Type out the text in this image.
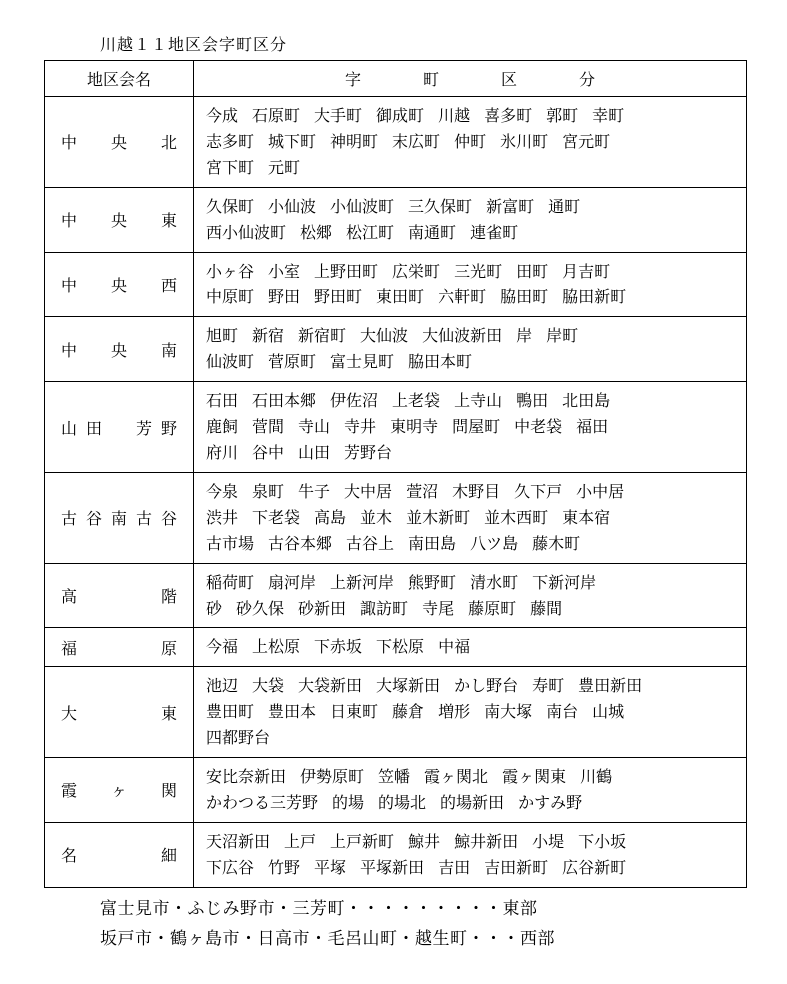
川越１１地区会字町区分
地区会名	字　　町　　区　　分

中央北	今成 石原町 大手町 御成町 川越 喜多町 郭町 幸町
志多町 城下町 神明町 末広町 仲町 氷川町 宮元町
宮下町 元町

中央東	久保町 小仙波 小仙波町 三久保町 新富町 通町
西小仙波町 松郷 松江町 南通町 連雀町

中央西	小ヶ谷 小室 上野田町 広栄町 三光町 田町 月吉町
中原町 野田 野田町 東田町 六軒町 脇田町 脇田新町

中央南	旭町 新宿 新宿町 大仙波 大仙波新田 岸 岸町
仙波町 菅原町 富士見町 脇田本町

山田　芳野	石田 石田本郷 伊佐沼 上老袋 上寺山 鴨田 北田島
鹿飼 菅間 寺山 寺井 東明寺 問屋町 中老袋 福田
府川 谷中 山田 芳野台

古谷南古谷	今泉 泉町 牛子 大中居 萱沼 木野目 久下戸 小中居
渋井 下老袋 高島 並木 並木新町 並木西町 東本宿
古市場 古谷本郷 古谷上 南田島 八ツ島 藤木町

高階	稲荷町 扇河岸 上新河岸 熊野町 清水町 下新河岸
砂 砂久保 砂新田 諏訪町 寺尾 藤原町 藤間

福原	今福 上松原 下赤坂 下松原 中福

大東	池辺 大袋 大袋新田 大塚新田 かし野台 寿町 豊田新田
豊田町 豊田本 日東町 藤倉 増形 南大塚 南台 山城
四都野台

霞ヶ関	安比奈新田 伊勢原町 笠幡 霞ヶ関北 霞ヶ関東 川鶴
かわつる三芳野 的場 的場北 的場新田 かすみ野

名細	天沼新田 上戸 上戸新町 鯨井 鯨井新田 小堤 下小坂
下広谷 竹野 平塚 平塚新田 吉田 吉田新町 広谷新町
富士見市・ふじみ野市・三芳町・・・・・・・・・東部
坂戸市・鶴ヶ島市・日高市・毛呂山町・越生町・・・西部
